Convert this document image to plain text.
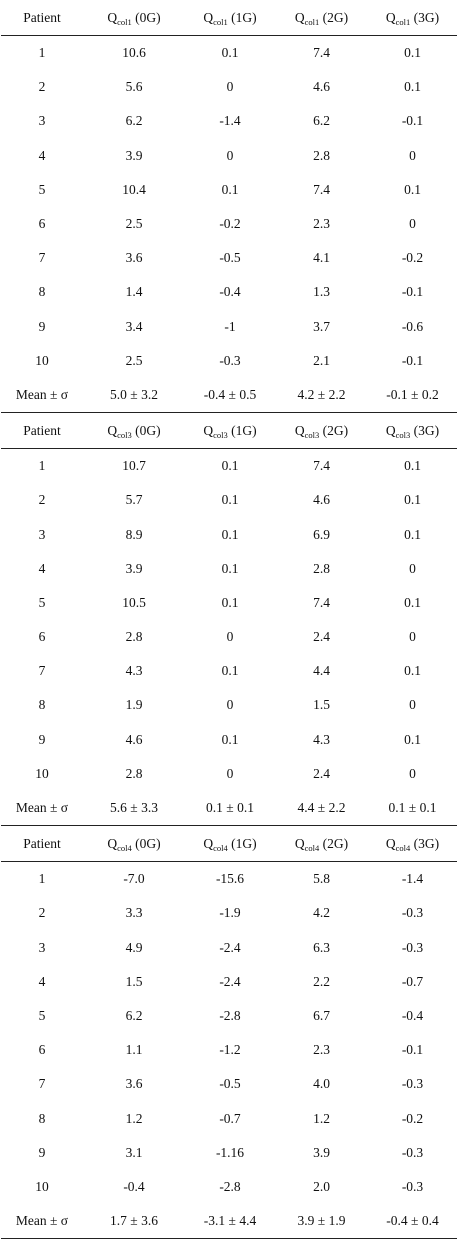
Patient	$Q_{col1}$ (0G)	$Q_{col1}$ (1G)	$Q_{col1}$ (2G)	$Q_{col1}$ (3G)
1	10.6	0.1	7.4	0.1
2	5.6	0	4.6	0.1
3	6.2	-1.4	6.2	-0.1
4	3.9	0	2.8	0
5	10.4	0.1	7.4	0.1
6	2.5	-0.2	2.3	0
7	3.6	-0.5	4.1	-0.2
8	1.4	-0.4	1.3	-0.1
9	3.4	-1	3.7	-0.6
10	2.5	-0.3	2.1	-0.1
Mean ± σ	5.0 ± 3.2	-0.4 ± 0.5	4.2 ± 2.2	-0.1 ± 0.2
Patient	$Q_{col3}$ (0G)	$Q_{col3}$ (1G)	$Q_{col3}$ (2G)	$Q_{col3}$ (3G)
1	10.7	0.1	7.4	0.1
2	5.7	0.1	4.6	0.1
3	8.9	0.1	6.9	0.1
4	3.9	0.1	2.8	0
5	10.5	0.1	7.4	0.1
6	2.8	0	2.4	0
7	4.3	0.1	4.4	0.1
8	1.9	0	1.5	0
9	4.6	0.1	4.3	0.1
10	2.8	0	2.4	0
Mean ± σ	5.6 ± 3.3	0.1 ± 0.1	4.4 ± 2.2	0.1 ± 0.1
Patient	$Q_{col4}$ (0G)	$Q_{col4}$ (1G)	$Q_{col4}$ (2G)	$Q_{col4}$ (3G)
1	-7.0	-15.6	5.8	-1.4
2	3.3	-1.9	4.2	-0.3
3	4.9	-2.4	6.3	-0.3
4	1.5	-2.4	2.2	-0.7
5	6.2	-2.8	6.7	-0.4
6	1.1	-1.2	2.3	-0.1
7	3.6	-0.5	4.0	-0.3
8	1.2	-0.7	1.2	-0.2
9	3.1	-1.16	3.9	-0.3
10	-0.4	-2.8	2.0	-0.3
Mean ± σ	1.7 ± 3.6	-3.1 ± 4.4	3.9 ± 1.9	-0.4 ± 0.4
